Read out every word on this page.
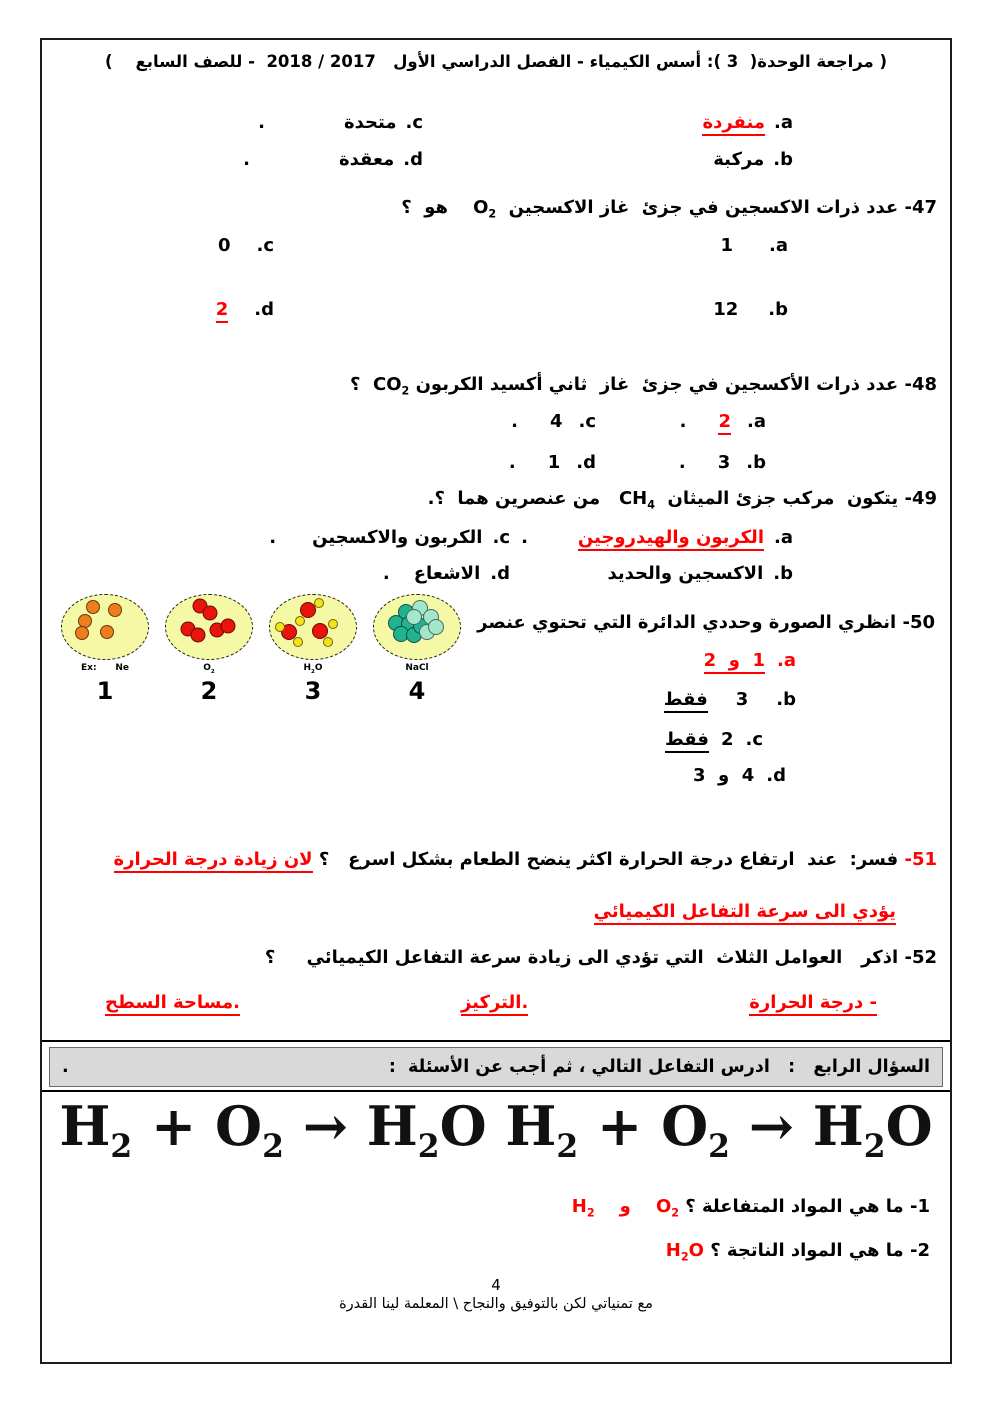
( مراجعة الوحدة(  3 ): أسس الكيمياء - الفصل الدراسي الأول   2017 / 2018  - للصف السابع    )
a.
منفردة
c.
متحدة
.
b.
مركبة
d.
معقدة
.
47- عدد ذرات الاكسجين في جزئ  غاز الاكسجين  $O_2$    هو  ؟
a.
1
c.
0
b.
12
d.
2
48- عدد ذرات الأكسجين في جزئ  غاز  ثاني أكسيد الكربون $CO_2$  ؟
a.
2
.
c.
4
.
b.
3
.
d.
1
.
49- يتكون  مركب جزئ الميثان  $CH_4$   من عنصرين هما  ؟.
a.
الكربون والهيدروجين
.
c.
الكربون والاكسجين
.
b.
الاكسجين والحديد
d.
الاشعاع
.
Ex:      Ne
1
$O_2$
2
$H_2O$
3
NaCl
4
50- انظري الصورة وحددي الدائرة التي تحتوي عنصر
a.
1  و  2
b.
3
فقط
c.
2
فقط
d.
4  و  3
51- فسر:  عند  ارتفاع درجة الحرارة اكثر ينضح الطعام بشكل اسرع   ؟ لان زيادة درجة الحرارة
يؤدي الى سرعة التفاعل الكيميائي
52- اذكر   العوامل الثلاث  التي تؤدي الى زيادة سرعة التفاعل الكيميائي     ؟
- درجة الحرارة
.التركيز
.مساحة السطح
السؤال الرابع   :   ادرس التفاعل التالي ، ثم أجب عن الأسئلة  :
.
$H_2 + O_2 \to H_2O$ $H_2 + O_2 \to H_2O$
1- ما هي المواد المتفاعلة ؟ $O_2$    و    $H_2$
2- ما هي المواد الناتجة ؟ $H_2O$
4
مع تمنياتي لكن بالتوفيق والنجاح \ المعلمة لينا القدرة
